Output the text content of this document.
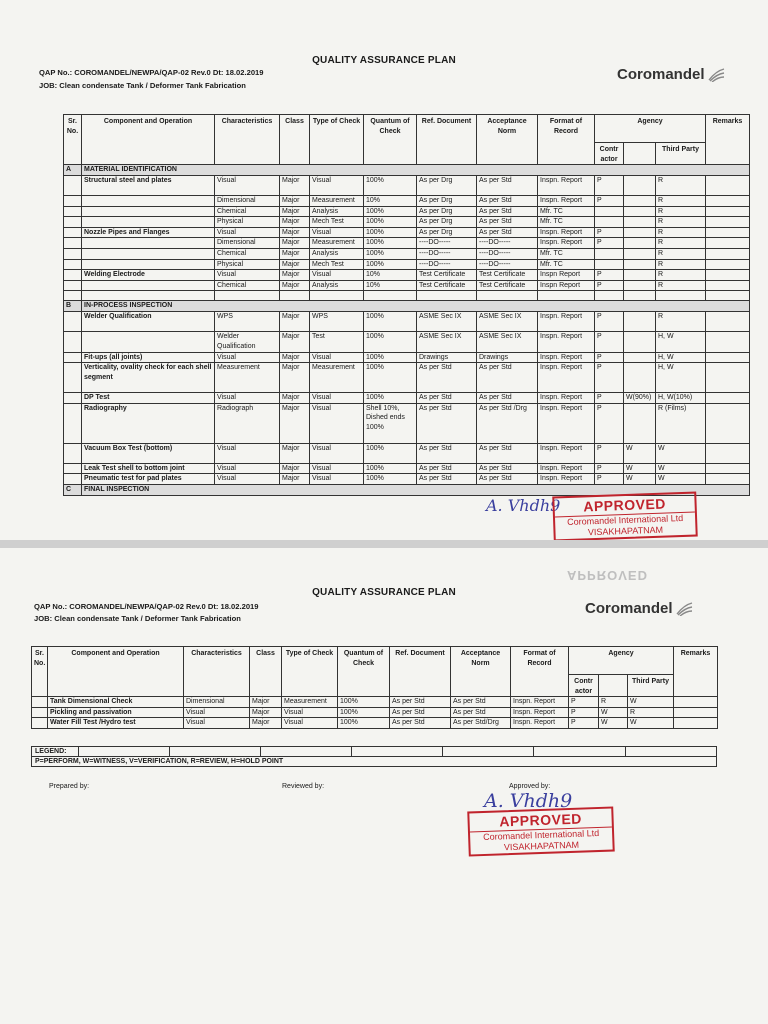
QUALITY ASSURANCE PLAN
QAP No.: COROMANDEL/NEWPA/QAP-02 Rev.0 Dt: 18.02.2019
JOB: Clean condensate Tank / Deformer Tank Fabrication
Coromandel
Sr. No.	Component and Operation	Characteristics	Class	Type of Check	Quantum of Check	Ref. Document	Acceptance Norm	Format of Record	Agency			Remarks
									Contr actor		Third Party	
A	MATERIAL IDENTIFICATION											
	Structural steel and plates	Visual	Major	Visual	100%	As per Drg	As per Std	Inspn. Report	P		R	
		Dimensional	Major	Measurement	10%	As per Drg	As per Std	Inspn. Report	P		R	
		Chemical	Major	Analysis	100%	As per Drg	As per Std	Mfr. TC			R	
		Physical	Major	Mech Test	100%	As per Drg	As per Std	Mfr. TC			R	
	Nozzle Pipes and Flanges	Visual	Major	Visual	100%	As per Drg	As per Std	Inspn. Report	P		R	
		Dimensional	Major	Measurement	100%	----DO-----	----DO-----	Inspn. Report	P		R	
		Chemical	Major	Analysis	100%	----DO-----	----DO-----	Mfr. TC			R	
		Physical	Major	Mech Test	100%	----DO-----	----DO-----	Mfr. TC			R	
	Welding Electrode	Visual	Major	Visual	10%	Test Certificate	Test Certificate	Inspn Report	P		R	
		Chemical	Major	Analysis	10%	Test Certificate	Test Certificate	Inspn Report	P		R	

B	IN-PROCESS INSPECTION											
	Welder Qualification	WPS	Major	WPS	100%	ASME Sec IX	ASME Sec IX	Inspn. Report	P		R	
		Welder Qualification	Major	Test	100%	ASME Sec IX	ASME Sec IX	Inspn. Report	P		H, W	
	Fit-ups (all joints)	Visual	Major	Visual	100%	Drawings	Drawings	Inspn. Report	P		H, W	
	Verticality, ovality check for each shell segment	Measurement	Major	Measurement	100%	As per Std	As per Std	Inspn. Report	P		H, W	
	DP Test	Visual	Major	Visual	100%	As per Std	As per Std	Inspn. Report	P	W(90%)	H, W(10%)	
	Radiography	Radiograph	Major	Visual	Shell 10%, Dished ends 100%	As per Std	As per Std /Drg	Inspn. Report	P		R (Films)	
	Vacuum Box Test (bottom)	Visual	Major	Visual	100%	As per Std	As per Std	Inspn. Report	P	W	W	
	Leak Test shell to bottom joint	Visual	Major	Visual	100%	As per Std	As per Std	Inspn. Report	P	W	W	
	Pneumatic test for pad plates	Visual	Major	Visual	100%	As per Std	As per Std	Inspn. Report	P	W	W	
C	FINAL INSPECTION											
A. Vhdh9	APPROVED
Coromandel International Ltd
VISAKHAPATNAM
APPROVED
QUALITY ASSURANCE PLAN
QAP No.: COROMANDEL/NEWPA/QAP-02 Rev.0 Dt: 18.02.2019
JOB: Clean condensate Tank / Deformer Tank Fabrication
Coromandel
Sr. No.	Component and Operation	Characteristics	Class	Type of Check	Quantum of Check	Ref. Document	Acceptance Norm	Format of Record	Agency			Remarks
									Contr actor		Third Party	
	Tank Dimensional Check	Dimensional	Major	Measurement	100%	As per Std	As per Std	Inspn. Report	P	R	W	
	Pickling and passivation	Visual	Major	Visual	100%	As per Std	As per Std	Inspn. Report	P	W	R	
	Water Fill Test /Hydro test	Visual	Major	Visual	100%	As per Std	As per Std/Drg	Inspn. Report	P	W	W	
LEGEND:							
P=PERFORM, W=WITNESS, V=VERIFICATION, R=REVIEW, H=HOLD POINT
Prepared by:	Reviewed by:	Approved by:
A. Vhdh9
APPROVED
Coromandel International Ltd
VISAKHAPATNAM
